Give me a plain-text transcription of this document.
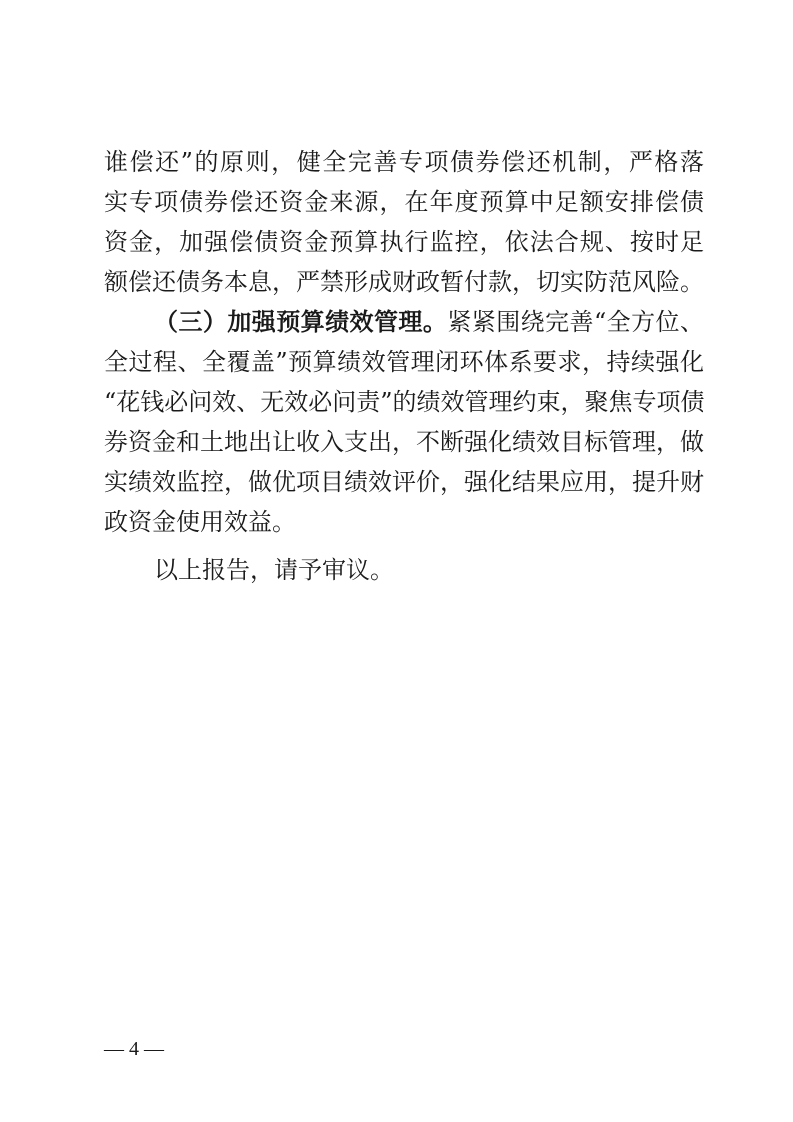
谁偿还”的原则，健全完善专项债券偿还机制，严格落
实专项债券偿还资金来源，在年度预算中足额安排偿债
资金，加强偿债资金预算执行监控，依法合规、按时足
额偿还债务本息，严禁形成财政暂付款，切实防范风险。
（三）加强预算绩效管理。紧紧围绕完善“全方位、
全过程、全覆盖”预算绩效管理闭环体系要求，持续强化
“花钱必问效、无效必问责”的绩效管理约束，聚焦专项债
券资金和土地出让收入支出，不断强化绩效目标管理，做
实绩效监控，做优项目绩效评价，强化结果应用，提升财
政资金使用效益。
以上报告，请予审议。
— 4 —
